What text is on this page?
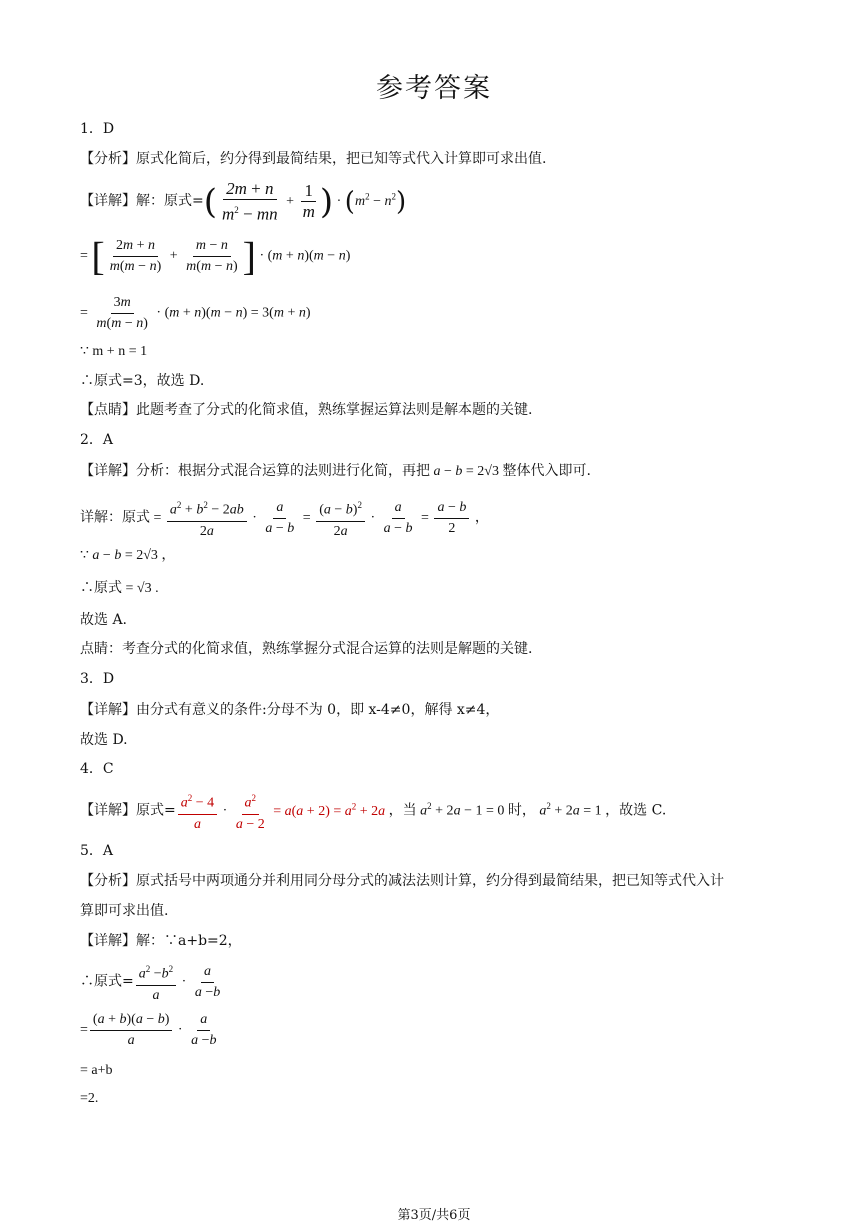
参考答案
1．D
【分析】原式化简后，约分得到最简结果，把已知等式代入计算即可求出值.
【详解】解：原式=( $\frac{2m + n}{m^2 - mn} + \frac{1}{m}$ ) · $(m^2 - n^2)$
= [ $\frac{2m + n}{m(m - n)} + \frac{m - n}{m(m - n)}$ ] · (m + n)(m − n)
= $\frac{3m}{m(m - n)} \cdot (m + n)(m - n) = 3(m + n)$
∵ m + n = 1
∴原式=3，故选 D.
【点睛】此题考查了分式的化简求值，熟练掌握运算法则是解本题的关键.
2．A
【详解】分析：根据分式混合运算的法则进行化简，再把 a − b = 2√3 整体代入即可.
详解：原式 = $\frac{a^2 + b^2 - 2ab}{2a} \cdot \frac{a}{a - b} = \frac{(a - b)^2}{2a} \cdot \frac{a}{a - b} = \frac{a - b}{2}$ ，
∵ a − b = 2√3 ，
∴原式 = √3 .
故选 A.
点睛：考查分式的化简求值，熟练掌握分式混合运算的法则是解题的关键.
3．D
【详解】由分式有意义的条件:分母不为 0，即 x-4≠0，解得 x≠4，
故选 D.
4．C
【详解】原式= $\frac{a^2 - 4}{a} \cdot \frac{a^2}{a - 2} = a(a + 2) = a^2 + 2a$ ，当 $a^2 + 2a - 1 = 0$ 时， $a^2 + 2a = 1$ ，故选 C.
5．A
【分析】原式括号中两项通分并利用同分母分式的减法法则计算，约分得到最简结果，把已知等式代入计
算即可求出值.
【详解】解：∵a+b=2，
∴原式= $\frac{a^2 -b^2}{a} \cdot \frac{a}{a -b}$
= $\frac{(a + b)(a - b)}{a} \cdot \frac{a}{a -b}$
= a+b
=2.
第3页/共6页
